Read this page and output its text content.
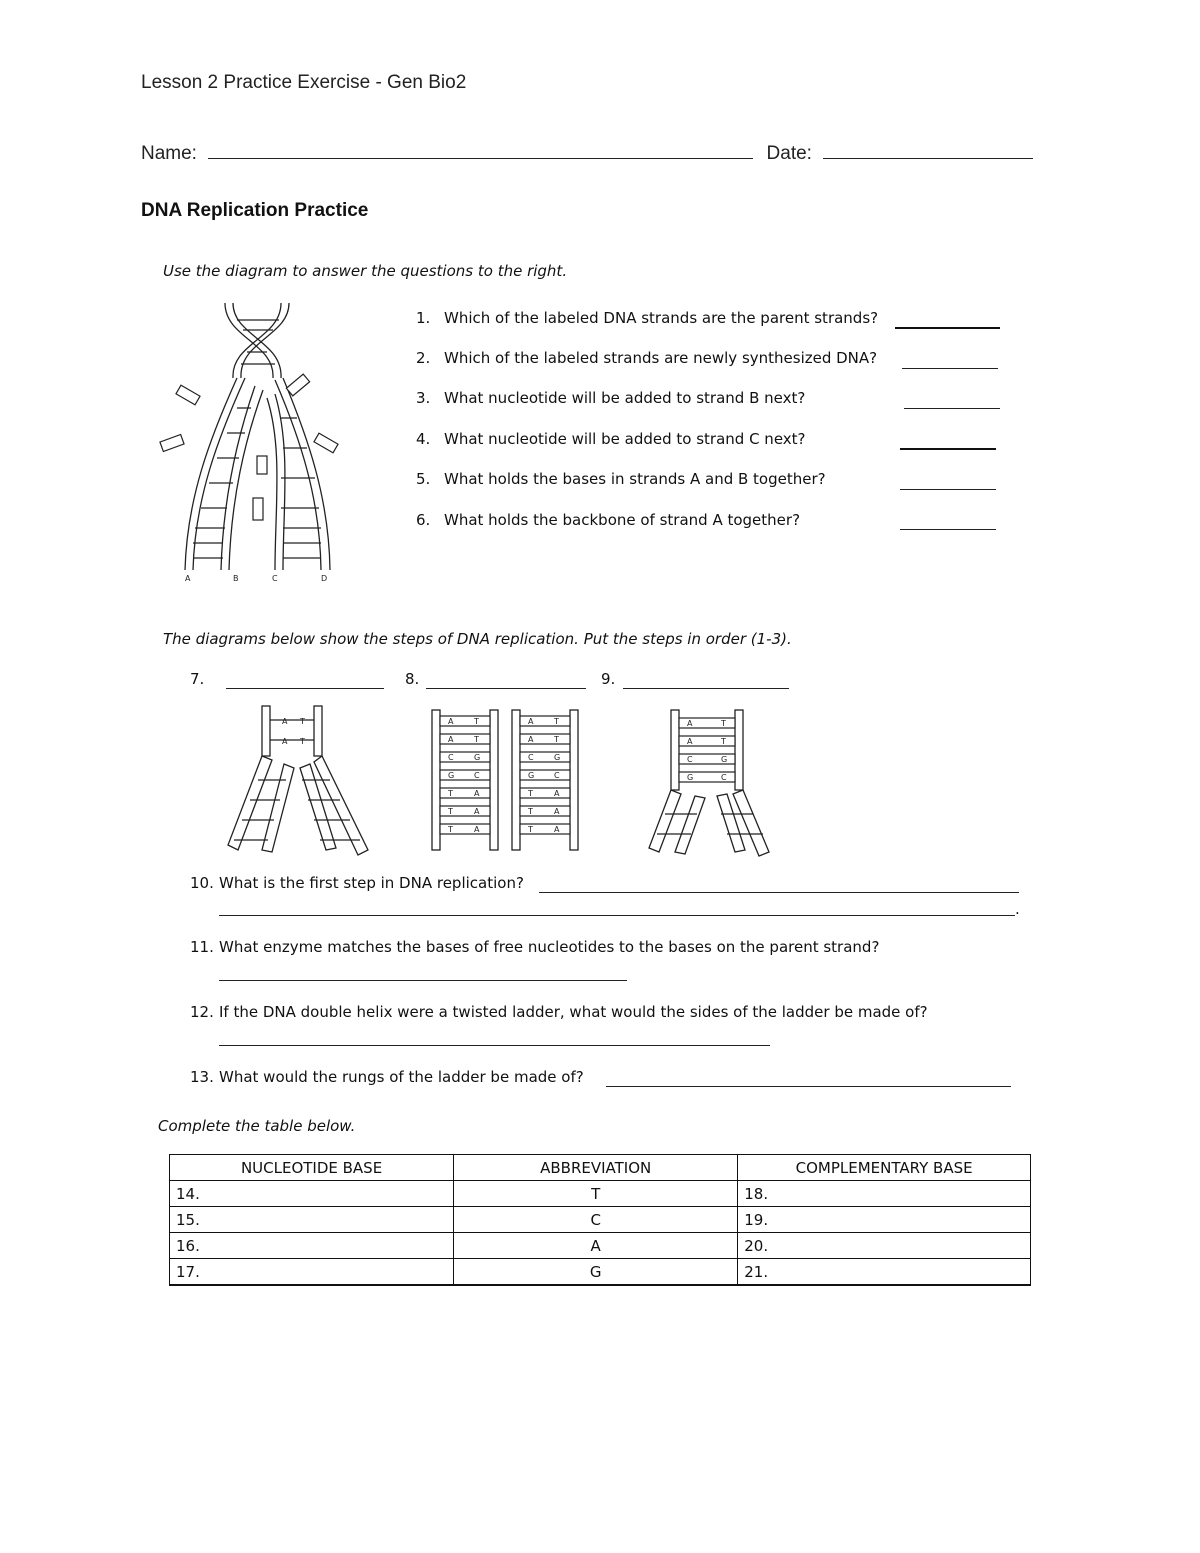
Lesson 2 Practice Exercise - Gen Bio2
Name:	Date:
DNA Replication Practice
Use the diagram to answer the questions to the right.
A	B	C	D
1. Which of the labeled DNA strands are the parent strands?
2. Which of the labeled strands are newly synthesized DNA?
3. What nucleotide will be added to strand B next?
4. What nucleotide will be added to strand C next?
5. What holds the bases in strands A and B together?
6. What holds the backbone of strand A together?
The diagrams below show the steps of DNA replication. Put the steps in order (1-3).
7.	8.	9.
A T
A T
A	T
A	T
C	G
G C
T	A
T	A
T	A
A	T
A	T
C	G
G C
T	A
T	A
T	A
A	T
A	T
C	G
G	C
10. What is the first step in DNA replication?
.
11. What enzyme matches the bases of free nucleotides to the bases on the parent strand?
12. If the DNA double helix were a twisted ladder, what would the sides of the ladder be made of?
13. What would the rungs of the ladder be made of?
Complete the table below.
NUCLEOTIDE BASE	ABBREVIATION	COMPLEMENTARY BASE
14.	T	18.
15.	C	19.
16.	A	20.
17.	G	21.
